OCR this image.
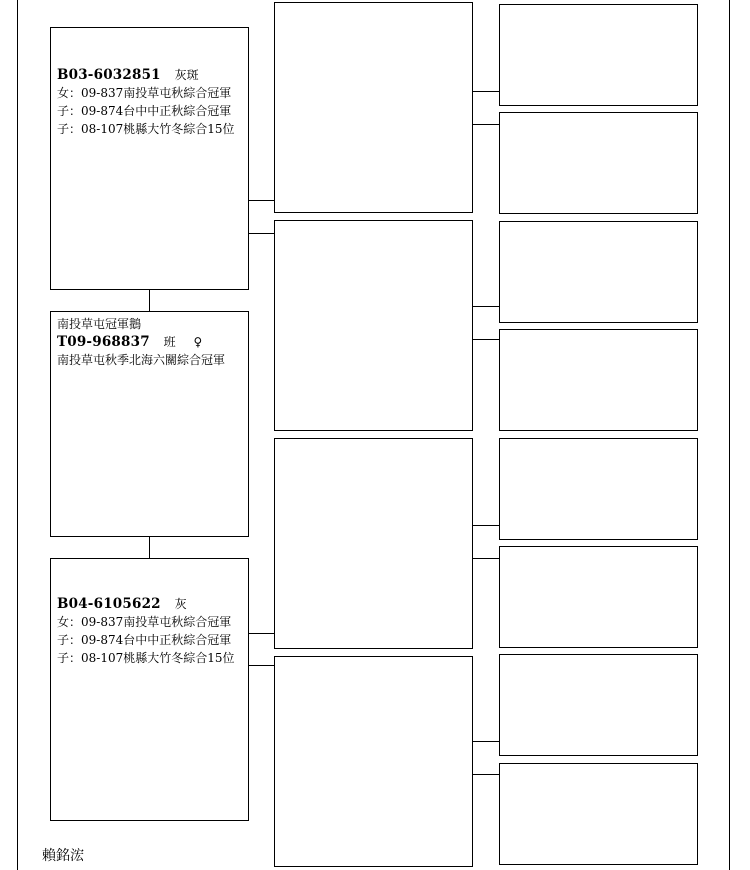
B03-6032851 灰斑
女：09-837南投草屯秋綜合冠軍
子：09-874台中中正秋綜合冠軍
子：08-107桃縣大竹冬綜合15位
南投草屯冠軍鵝
T09-968837 班 ♀
南投草屯秋季北海六關綜合冠軍
B04-6105622 灰
女：09-837南投草屯秋綜合冠軍
子：09-874台中中正秋綜合冠軍
子：08-107桃縣大竹冬綜合15位
賴銘浤
